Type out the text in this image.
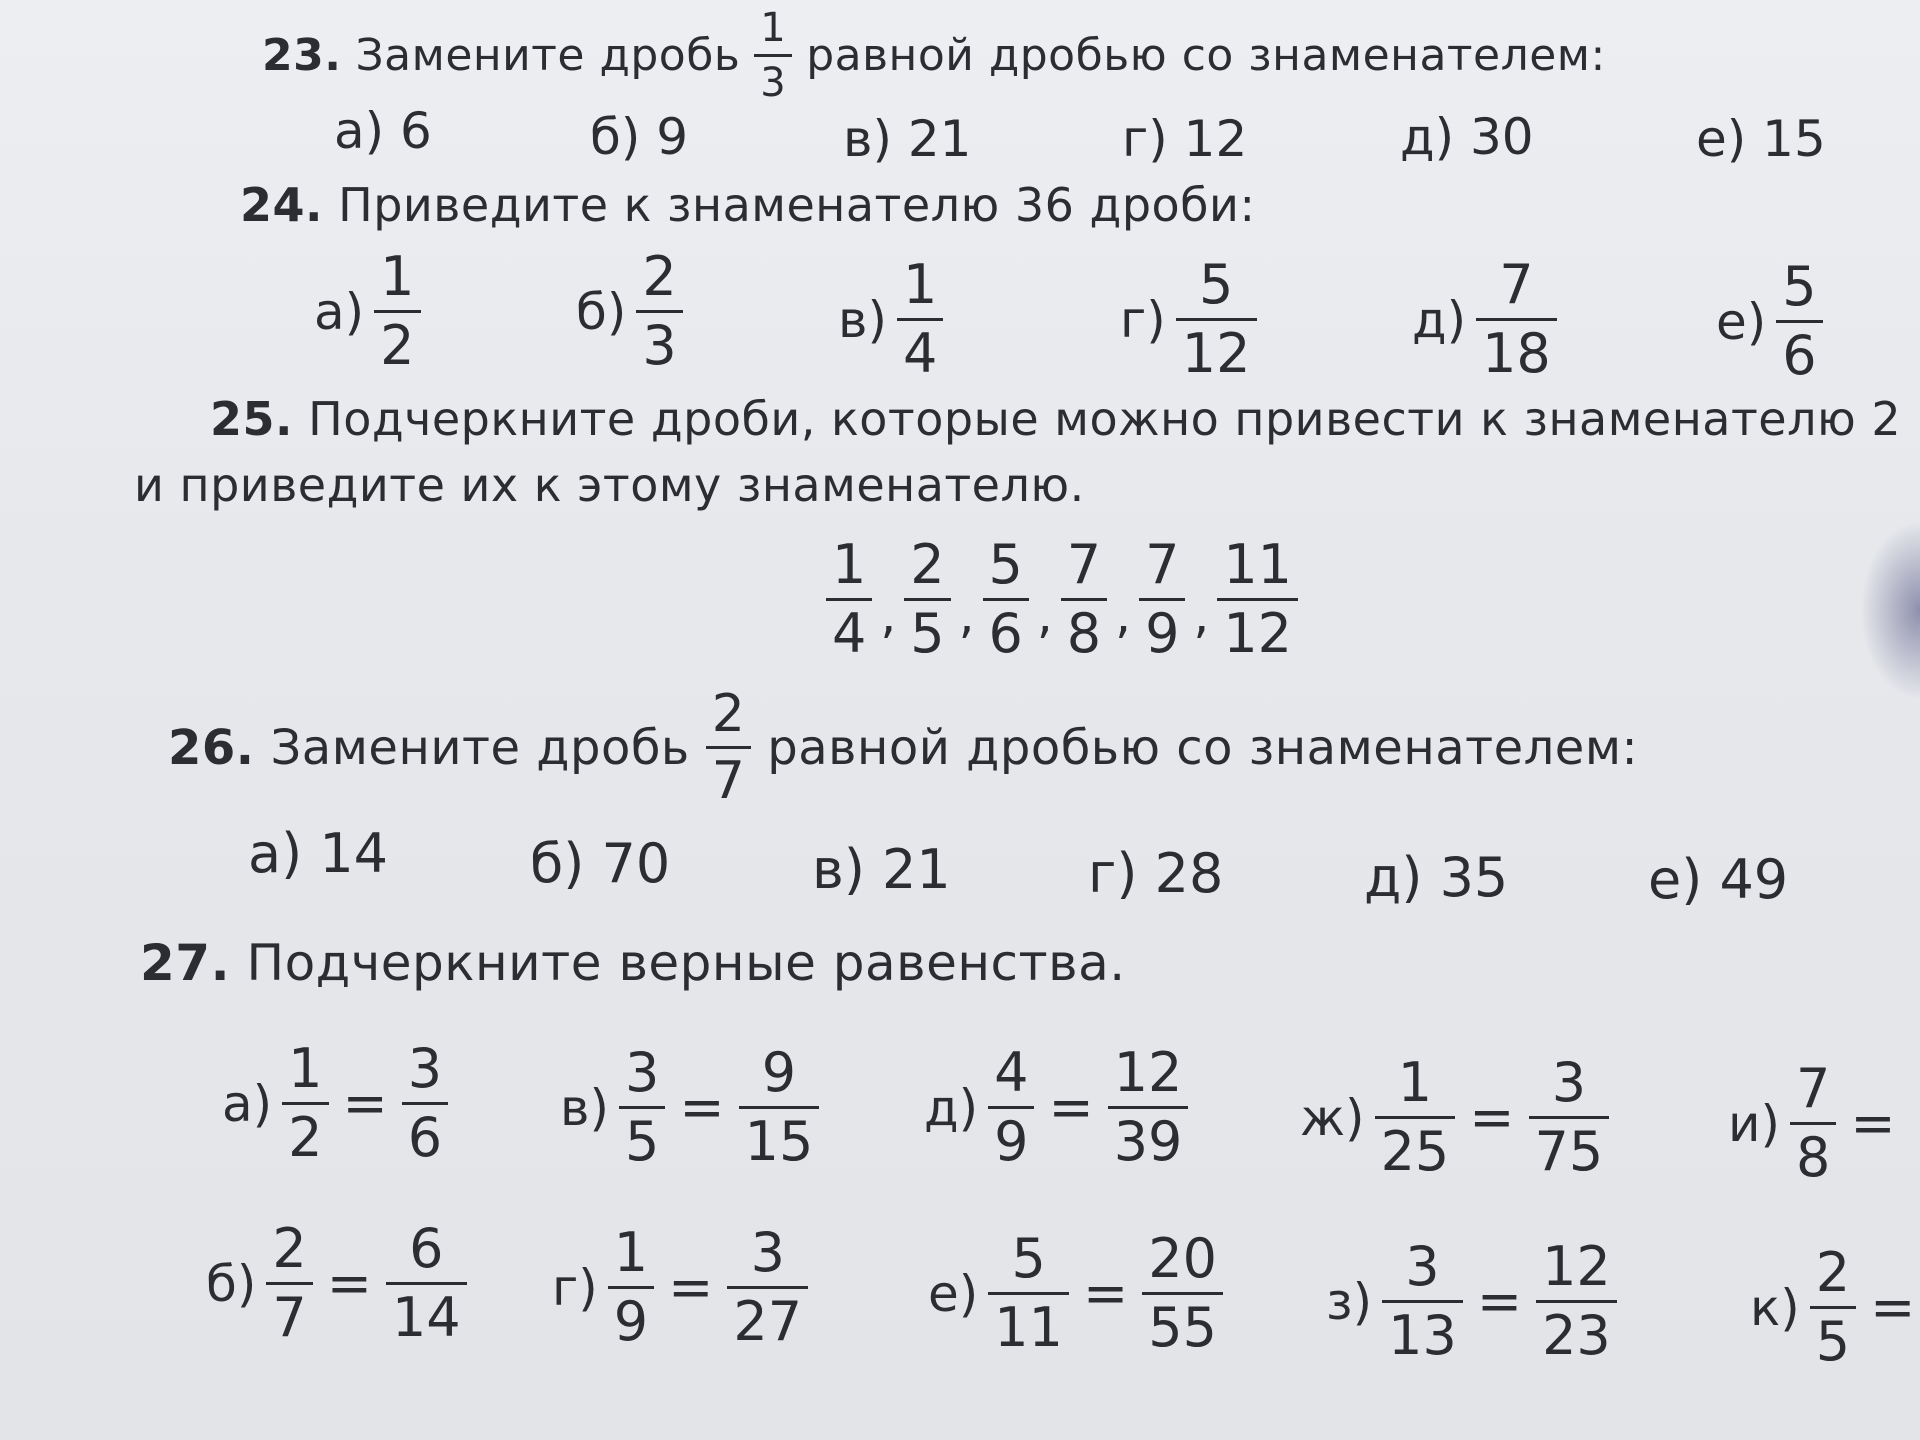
23. Замените дробь $\frac{1}{3}$ равной дробью со знаменателем:
а) 6	б) 9	в) 21	г) 12	д) 30	е) 15
24. Приведите к знаменателю 36 дроби:
$а) \frac{1}{2}$	$б) \frac{2}{3}$	$в) \frac{1}{4}$	$г) \frac{5}{12}$	$д) \frac{7}{18}$	$е) \frac{5}{6}$
25. Подчеркните дроби, которые можно привести к знаменателю 2
и приведите их к этому знаменателю.
$\frac{1}{4}$ , $\frac{2}{5}$ , $\frac{5}{6}$ , $\frac{7}{8}$ , $\frac{7}{9}$ , $\frac{11}{12}$
26. Замените дробь $\frac{2}{7}$ равной дробью со знаменателем:
а) 14	б) 70	в) 21	г) 28	д) 35	е) 49
27. Подчеркните верные равенства.
$а) \frac{1}{2} = \frac{3}{6} в) \frac{3}{5} = \frac{9}{15} д) \frac{4}{9} = \frac{12}{39} ж) \frac{1}{25} = \frac{3}{75} и) \frac{7}{8}$ =
$б) \frac{2}{7} = \frac{6}{14} г) \frac{1}{9} = \frac{3}{27} е) \frac{5}{11} = \frac{20}{55} з) \frac{3}{13} = \frac{12}{23}$	$к) \frac{2}{5}$ =
